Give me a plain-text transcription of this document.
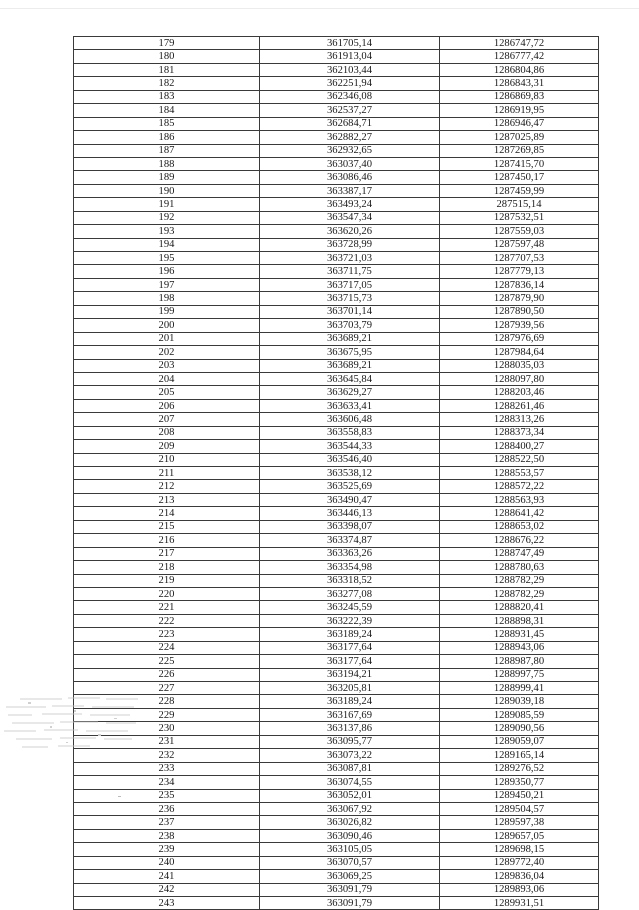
179	361705,14	1286747,72
180	361913,04	1286777,42
181	362103,44	1286804,86
182	362251,94	1286843,31
183	362346,08	1286869,83
184	362537,27	1286919,95
185	362684,71	1286946,47
186	362882,27	1287025,89
187	362932,65	1287269,85
188	363037,40	1287415,70
189	363086,46	1287450,17
190	363387,17	1287459,99
191	363493,24	287515,14
192	363547,34	1287532,51
193	363620,26	1287559,03
194	363728,99	1287597,48
195	363721,03	1287707,53
196	363711,75	1287779,13
197	363717,05	1287836,14
198	363715,73	1287879,90
199	363701,14	1287890,50
200	363703,79	1287939,56
201	363689,21	1287976,69
202	363675,95	1287984,64
203	363689,21	1288035,03
204	363645,84	1288097,80
205	363629,27	1288203,46
206	363633,41	1288261,46
207	363606,48	1288313,26
208	363558,83	1288373,34
209	363544,33	1288400,27
210	363546,40	1288522,50
211	363538,12	1288553,57
212	363525,69	1288572,22
213	363490,47	1288563,93
214	363446,13	1288641,42
215	363398,07	1288653,02
216	363374,87	1288676,22
217	363363,26	1288747,49
218	363354,98	1288780,63
219	363318,52	1288782,29
220	363277,08	1288782,29
221	363245,59	1288820,41
222	363222,39	1288898,31
223	363189,24	1288931,45
224	363177,64	1288943,06
225	363177,64	1288987,80
226	363194,21	1288997,75
227	363205,81	1288999,41
228	363189,24	1289039,18
229	363167,69	1289085,59
230	363137,86	1289090,56
231	363095,77	1289059,07
232	363073,22	1289165,14
233	363087,81	1289276,52
234	363074,55	1289350,77
235	363052,01	1289450,21
236	363067,92	1289504,57
237	363026,82	1289597,38
238	363090,46	1289657,05
239	363105,05	1289698,15
240	363070,57	1289772,40
241	363069,25	1289836,04
242	363091,79	1289893,06
243	363091,79	1289931,51
